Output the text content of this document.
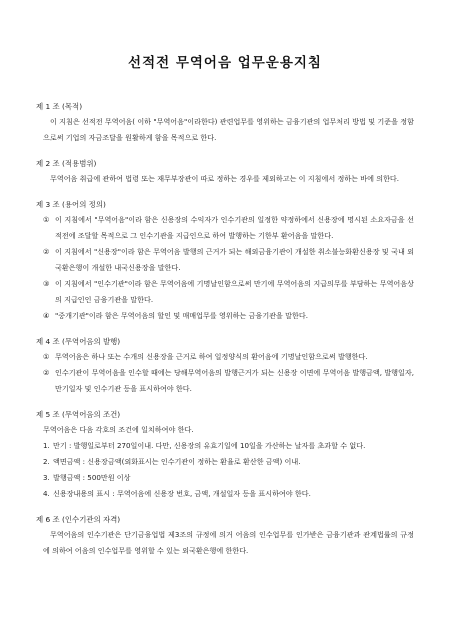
선적전 무역어음 업무운용지침
제 1 조 (목적)
이 지침은 선적전 무역어음( 이하 "무역어음"이라한다) 관련업무를 영위하는 금융기관의 업무처리 방법 및 기준을 정함으로써 기업의 자금조달을 원활하게 함을 목적으로 한다.
제 2 조 (적용범위)
무역어음 취급에 관하여 법령 또는 재무부장관이 따로 정하는 경우를 제외하고는 이 지침에서 정하는 바에 의한다.
제 3 조 (용어의 정의)
① 이 지침에서 "무역어음"이라 함은 신용장의 수익자가 인수기관의 일정한 약정하에서 신용장에 명시된 소요자금을 선적전에 조달할 목적으로 그 인수기관을 지급인으로 하여 발행하는 기한부 환어음을 말한다.
② 이 지침에서 "신용장"이라 함은 무역어음 발행의 근거가 되는 해외금융기관이 개설한 취소불능화환신용장 및 국내 외국환은행이 개설한 내국신용장을 말한다.
③ 이 지침에서 "인수기관"이라 함은 무역어음에 기명날인함으로써 만기에 무역어음의 지급의무를 부담하는 무역어음상의 지급인인 금융기관을 말한다.
④ "중개기관"이라 함은 무역어음의 할인 및 매매업무를 영위하는 금융기관을 말한다.
제 4 조 (무역어음의 발행)
① 무역어음은 하나 또는 수개의 신용장을 근거로 하여 일정양식의 환어음에 기명날인함으로써 발행한다.
② 인수기관이 무역어음을 인수할 때에는 당해무역어음의 발행근거가 되는 신용장 이면에 무역어음 발행금액, 발행일자, 만기일자 및 인수기관 등을 표시하여야 한다.
제 5 조 (무역어음의 조건)
무역어음은 다음 각호의 조건에 일치하여야 한다.
1. 만기 : 발행일로부터 270일이내. 다만, 신용장의 유효기일에 10일을 가산하는 날자를 초과할 수 없다.
2. 액면금액 : 신용장금액(외화표시는 인수기관이 정하는 환율로 환산한 금액) 이내.
3. 발행금액 : 500만원 이상
4. 신용장내용의 표시 : 무역어음에 신용장 번호, 금액, 개설일자 등을 표시하여야 한다.
제 6 조 (인수기관의 자격)
무역어음의 인수기관은 단기금융업법 제3조의 규정에 의거 어음의 인수업무를 인가받은 금융기관과 관계법률의 규정에 의하여 어음의 인수업무를 영위할 수 있는 외국환은행에 한한다.
